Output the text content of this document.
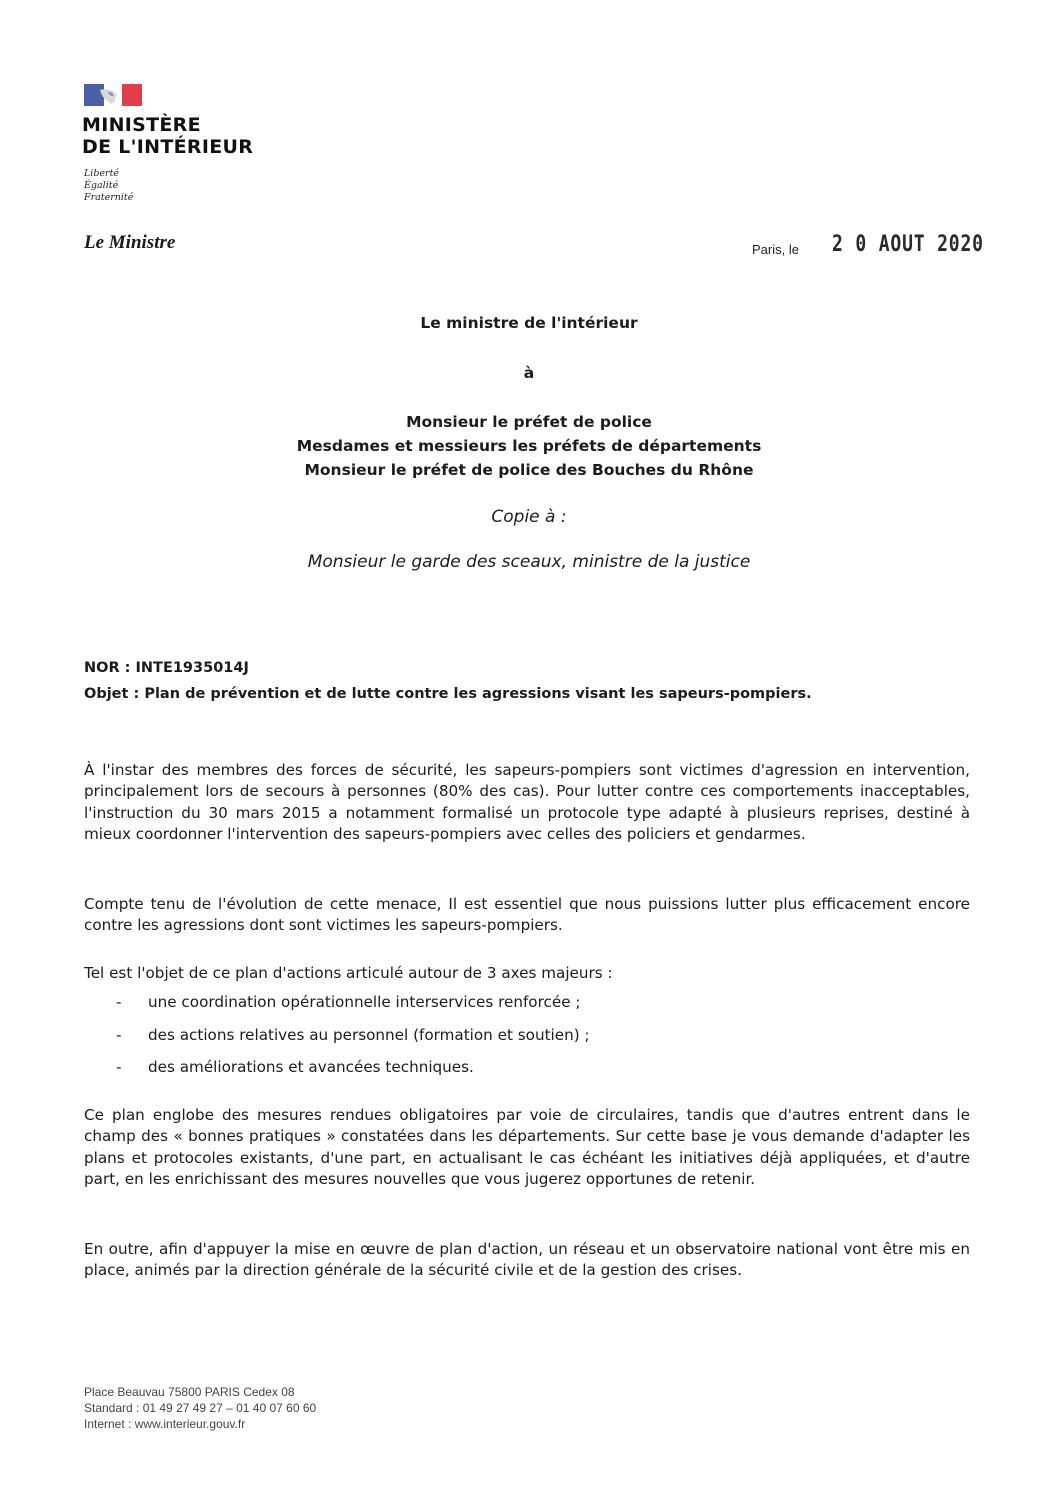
MINISTÈRE
DE L'INTÉRIEUR
Liberté
Égalité
Fraternité
Le Ministre	Paris, le 2 0 AOUT 2020
Le ministre de l'intérieur
à
Monsieur le préfet de police
Mesdames et messieurs les préfets de départements
Monsieur le préfet de police des Bouches du Rhône
Copie à :
Monsieur le garde des sceaux, ministre de la justice
NOR : INTE1935014J
Objet : Plan de prévention et de lutte contre les agressions visant les sapeurs-pompiers.
À l'instar des membres des forces de sécurité, les sapeurs-pompiers sont victimes d'agression en intervention, principalement lors de secours à personnes (80% des cas). Pour lutter contre ces comportements inacceptables, l'instruction du 30 mars 2015 a notamment formalisé un protocole type adapté à plusieurs reprises, destiné à mieux coordonner l'intervention des sapeurs-pompiers avec celles des policiers et gendarmes.
Compte tenu de l'évolution de cette menace, Il est essentiel que nous puissions lutter plus efficacement encore contre les agressions dont sont victimes les sapeurs-pompiers.
Tel est l'objet de ce plan d'actions articulé autour de 3 axes majeurs :
- une coordination opérationnelle interservices renforcée ;
- des actions relatives au personnel (formation et soutien) ;
- des améliorations et avancées techniques.
Ce plan englobe des mesures rendues obligatoires par voie de circulaires, tandis que d'autres entrent dans le champ des « bonnes pratiques » constatées dans les départements. Sur cette base je vous demande d'adapter les plans et protocoles existants, d'une part, en actualisant le cas échéant les initiatives déjà appliquées, et d'autre part, en les enrichissant des mesures nouvelles que vous jugerez opportunes de retenir.
En outre, afin d'appuyer la mise en œuvre de plan d'action, un réseau et un observatoire national vont être mis en place, animés par la direction générale de la sécurité civile et de la gestion des crises.
Place Beauvau 75800 PARIS Cedex 08
Standard : 01 49 27 49 27 – 01 40 07 60 60
Internet : www.interieur.gouv.fr
